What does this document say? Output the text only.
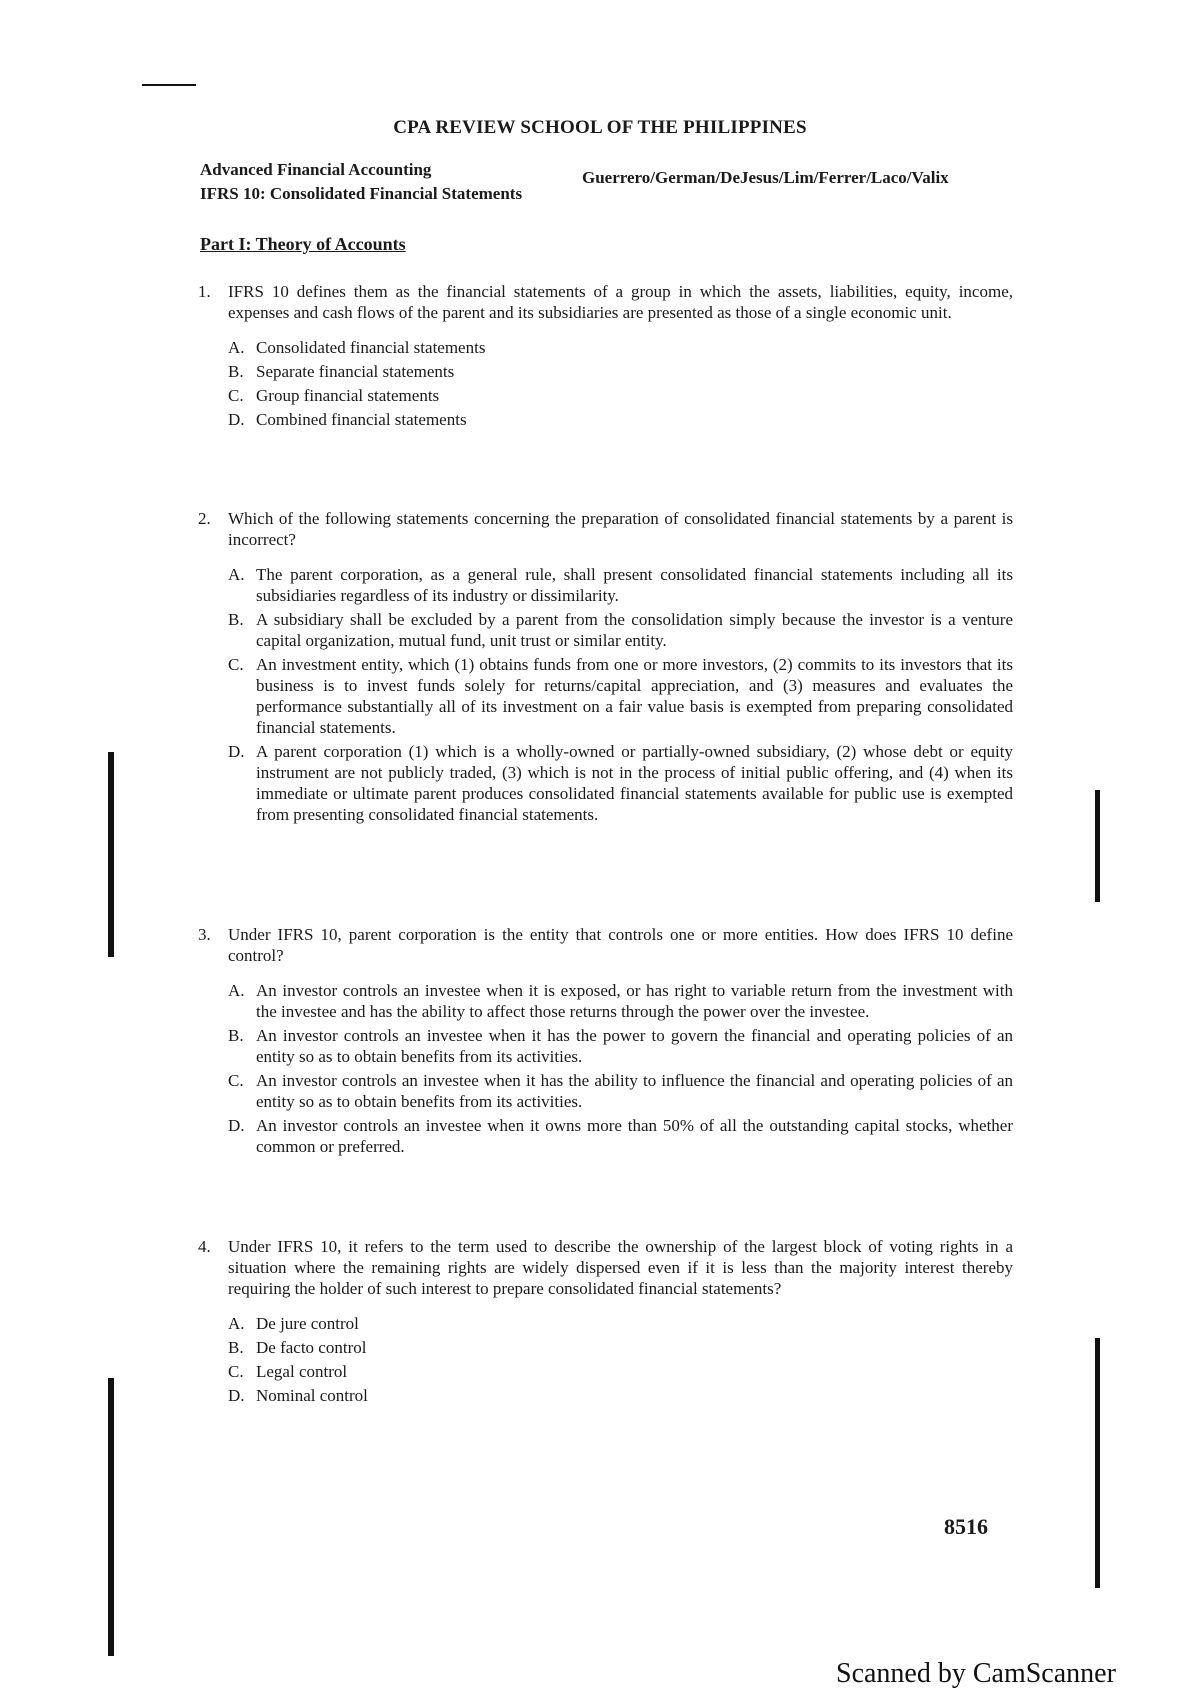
CPA REVIEW SCHOOL OF THE PHILIPPINES
Advanced Financial Accounting
IFRS 10: Consolidated Financial Statements
Guerrero/German/DeJesus/Lim/Ferrer/Laco/Valix
Part I: Theory of Accounts
1.	IFRS 10 defines them as the financial statements of a group in which the assets, liabilities, equity, income, expenses and cash flows of the parent and its subsidiaries are presented as those of a single economic unit.
A. Consolidated financial statements
B. Separate financial statements
C. Group financial statements
D. Combined financial statements
2.	Which of the following statements concerning the preparation of consolidated financial statements by a parent is incorrect?
A. The parent corporation, as a general rule, shall present consolidated financial statements including all its subsidiaries regardless of its industry or dissimilarity.
B. A subsidiary shall be excluded by a parent from the consolidation simply because the investor is a venture capital organization, mutual fund, unit trust or similar entity.
C. An investment entity, which (1) obtains funds from one or more investors, (2) commits to its investors that its business is to invest funds solely for returns/capital appreciation, and (3) measures and evaluates the performance substantially all of its investment on a fair value basis is exempted from preparing consolidated financial statements.
D. A parent corporation (1) which is a wholly-owned or partially-owned subsidiary, (2) whose debt or equity instrument are not publicly traded, (3) which is not in the process of initial public offering, and (4) when its immediate or ultimate parent produces consolidated financial statements available for public use is exempted from presenting consolidated financial statements.
3.	Under IFRS 10, parent corporation is the entity that controls one or more entities. How does IFRS 10 define control?
A. An investor controls an investee when it is exposed, or has right to variable return from the investment with the investee and has the ability to affect those returns through the power over the investee.
B. An investor controls an investee when it has the power to govern the financial and operating policies of an entity so as to obtain benefits from its activities.
C. An investor controls an investee when it has the ability to influence the financial and operating policies of an entity so as to obtain benefits from its activities.
D. An investor controls an investee when it owns more than 50% of all the outstanding capital stocks, whether common or preferred.
4.	Under IFRS 10, it refers to the term used to describe the ownership of the largest block of voting rights in a situation where the remaining rights are widely dispersed even if it is less than the majority interest thereby requiring the holder of such interest to prepare consolidated financial statements?
A. De jure control
B. De facto control
C. Legal control
D. Nominal control
8516
Scanned by CamScanner
